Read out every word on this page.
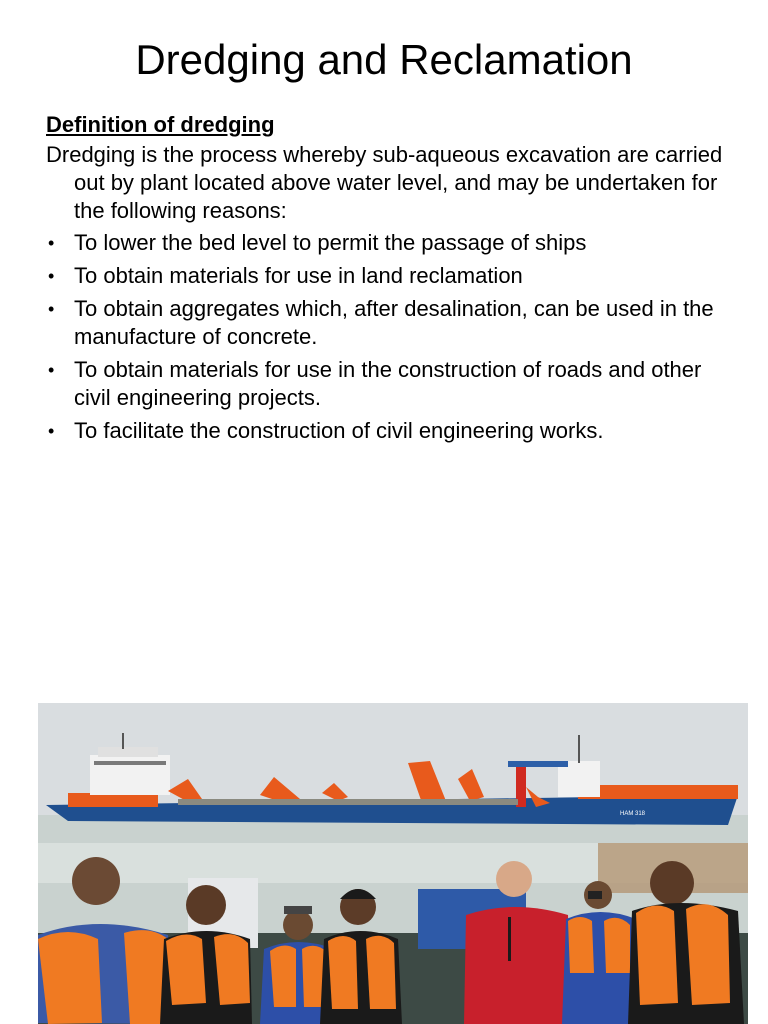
Dredging and Reclamation
Definition of dredging
Dredging is the process whereby sub-aqueous excavation are carried out by plant located above water level, and may be undertaken for the following reasons:
• To lower the bed level to permit the passage of ships
• To obtain materials for use in land reclamation
• To obtain aggregates which, after desalination, can be used in the manufacture of concrete.
• To obtain materials for use in the construction of roads and other civil engineering projects.
• To facilitate the construction of civil engineering works.
HAM 318
